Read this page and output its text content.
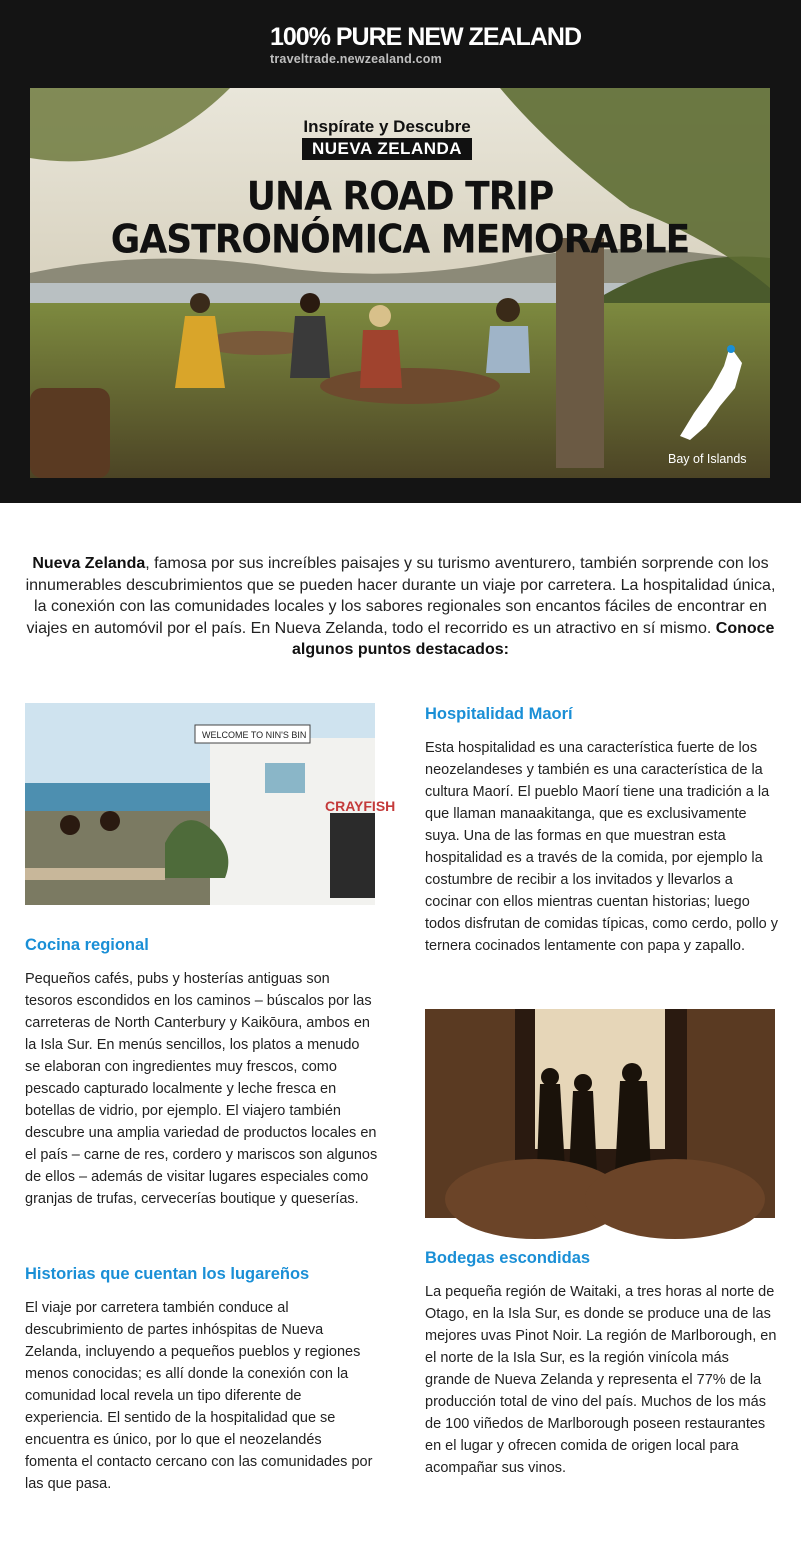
100% PURE NEW ZEALAND
traveltrade.newzealand.com
Inspírate y Descubre
NUEVA ZELANDA
UNA ROAD TRIP
GASTRONÓMICA MEMORABLE
Bay of Islands
Nueva Zelanda, famosa por sus increíbles paisajes y su turismo aventurero, también sorprende con los innumerables descubrimientos que se pueden hacer durante un viaje por carretera. La hospitalidad única, la conexión con las comunidades locales y los sabores regionales son encantos fáciles de encontrar en viajes en automóvil por el país. En Nueva Zelanda, todo el recorrido es un atractivo en sí mismo. Conoce algunos puntos destacados:
WELCOME TO NIN'S BIN
CRAYFISH
Cocina regional
Pequeños cafés, pubs y hosterías antiguas son tesoros escondidos en los caminos – búscalos por las carreteras de North Canterbury y Kaikōura, ambos en la Isla Sur. En menús sencillos, los platos a menudo se elaboran con ingredientes muy frescos, como pescado capturado localmente y leche fresca en botellas de vidrio, por ejemplo. El viajero también descubre una amplia variedad de productos locales en el país – carne de res, cordero y mariscos son algunos de ellos – además de visitar lugares especiales como granjas de trufas, cervecerías boutique y queserías.
Historias que cuentan los lugareños
El viaje por carretera también conduce al descubrimiento de partes inhóspitas de Nueva Zelanda, incluyendo a pequeños pueblos y regiones menos conocidas; es allí donde la conexión con la comunidad local revela un tipo diferente de experiencia. El sentido de la hospitalidad que se encuentra es único, por lo que el neozelandés fomenta el contacto cercano con las comunidades por las que pasa.
Hospitalidad Maorí
Esta hospitalidad es una característica fuerte de los neozelandeses y también es una característica de la cultura Maorí. El pueblo Maorí tiene una tradición a la que llaman manaakitanga, que es exclusivamente suya. Una de las formas en que muestran esta hospitalidad es a través de la comida, por ejemplo la costumbre de recibir a los invitados y llevarlos a cocinar con ellos mientras cuentan historias; luego todos disfrutan de comidas típicas, como cerdo, pollo y ternera cocinados lentamente con papa y zapallo.
Bodegas escondidas
La pequeña región de Waitaki, a tres horas al norte de Otago, en la Isla Sur, es donde se produce una de las mejores uvas Pinot Noir. La región de Marlborough, en el norte de la Isla Sur, es la región vinícola más grande de Nueva Zelanda y representa el 77% de la producción total de vino del país. Muchos de los más de 100 viñedos de Marlborough poseen restaurantes en el lugar y ofrecen comida de origen local para acompañar sus vinos.
